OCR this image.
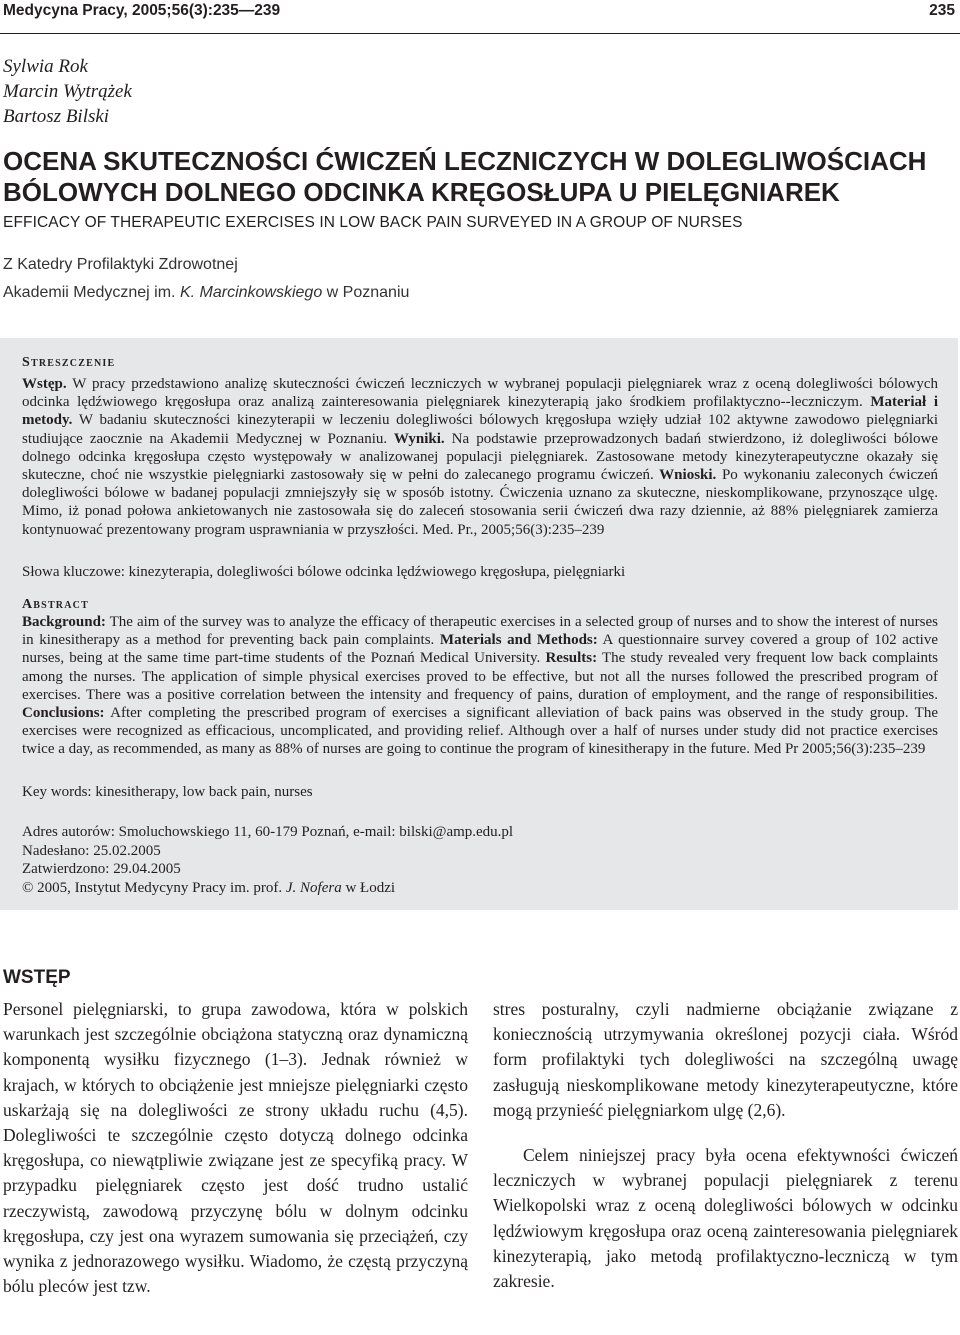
Medycyna Pracy, 2005;56(3):235—239	235
Sylwia Rok
Marcin Wytrążek
Bartosz Bilski
OCENA SKUTECZNOŚCI ĆWICZEŃ LECZNICZYCH W DOLEGLIWOŚCIACH
BÓLOWYCH DOLNEGO ODCINKA KRĘGOSŁUPA U PIELĘGNIAREK
EFFICACY OF THERAPEUTIC EXERCISES IN LOW BACK PAIN SURVEYED IN A GROUP OF NURSES
Z Katedry Profilaktyki Zdrowotnej
Akademii Medycznej im. K. Marcinkowskiego w Poznaniu
Streszczenie
Wstęp. W pracy przedstawiono analizę skuteczności ćwiczeń leczniczych w wybranej populacji pielęgniarek wraz z oceną dolegliwości bólowych odcinka lędźwiowego kręgosłupa oraz analizą zainteresowania pielęgniarek kinezyterapią jako środkiem profilaktyczno--leczniczym. Materiał i metody. W badaniu skuteczności kinezyterapii w leczeniu dolegliwości bólowych kręgosłupa wzięły udział 102 aktywne zawodowo pielęgniarki studiujące zaocznie na Akademii Medycznej w Poznaniu. Wyniki. Na podstawie przeprowadzonych badań stwierdzono, iż dolegliwości bólowe dolnego odcinka kręgosłupa często występowały w analizowanej populacji pielęgniarek. Zastosowane metody kinezyterapeutyczne okazały się skuteczne, choć nie wszystkie pielęgniarki zastosowały się w pełni do zalecanego programu ćwiczeń. Wnioski. Po wykonaniu zaleconych ćwiczeń dolegliwości bólowe w badanej populacji zmniejszyły się w sposób istotny. Ćwiczenia uznano za skuteczne, nieskomplikowane, przynoszące ulgę. Mimo, iż ponad połowa ankietowanych nie zastosowała się do zaleceń stosowania serii ćwiczeń dwa razy dziennie, aż 88% pielęgniarek zamierza kontynuować prezentowany program usprawniania w przyszłości. Med. Pr., 2005;56(3):235–239
Słowa kluczowe: kinezyterapia, dolegliwości bólowe odcinka lędźwiowego kręgosłupa, pielęgniarki
Abstract
Background: The aim of the survey was to analyze the efficacy of therapeutic exercises in a selected group of nurses and to show the interest of nurses in kinesitherapy as a method for preventing back pain complaints. Materials and Methods: A questionnaire survey covered a group of 102 active nurses, being at the same time part-time students of the Poznań Medical University. Results: The study revealed very frequent low back complaints among the nurses. The application of simple physical exercises proved to be effective, but not all the nurses followed the prescribed program of exercises. There was a positive correlation between the intensity and frequency of pains, duration of employment, and the range of responsibilities. Conclusions: After completing the prescribed program of exercises a significant alleviation of back pains was observed in the study group. The exercises were recognized as efficacious, uncomplicated, and providing relief. Although over a half of nurses under study did not practice exercises twice a day, as recommended, as many as 88% of nurses are going to continue the program of kinesitherapy in the future. Med Pr 2005;56(3):235–239
Key words: kinesitherapy, low back pain, nurses
Adres autorów: Smoluchowskiego 11, 60-179 Poznań, e-mail: bilski@amp.edu.pl
Nadesłano: 25.02.2005
Zatwierdzono: 29.04.2005
© 2005, Instytut Medycyny Pracy im. prof. J. Nofera w Łodzi
WSTĘP

Personel pielęgniarski, to grupa zawodowa, która w polskich warunkach jest szczególnie obciążona statyczną oraz dynamiczną komponentą wysiłku fizycznego (1–3). Jednak również w krajach, w których to obciążenie jest mniejsze pielęgniarki często uskarżają się na dolegliwości ze strony układu ruchu (4,5). Dolegliwości te szczególnie często dotyczą dolnego odcinka kręgosłupa, co niewątpliwie związane jest ze specyfiką pracy. W przypadku pielęgniarek często jest dość trudno ustalić rzeczywistą, zawodową przyczynę bólu w dolnym odcinku kręgosłupa, czy jest ona wyrazem sumowania się przeciążeń, czy wynika z jednorazowego wysiłku. Wiadomo, że częstą przyczyną bólu pleców jest tzw.

stres posturalny, czyli nadmierne obciążanie związane z koniecznością utrzymywania określonej pozycji ciała. Wśród form profilaktyki tych dolegliwości na szczególną uwagę zasługują nieskomplikowane metody kinezyterapeutyczne, które mogą przynieść pielęgniarkom ulgę (2,6).

Celem niniejszej pracy była ocena efektywności ćwiczeń leczniczych w wybranej populacji pielęgniarek z terenu Wielkopolski wraz z oceną dolegliwości bólowych w odcinku lędźwiowym kręgosłupa oraz oceną zainteresowania pielęgniarek kinezyterapią, jako metodą profilaktyczno-leczniczą w tym zakresie.
